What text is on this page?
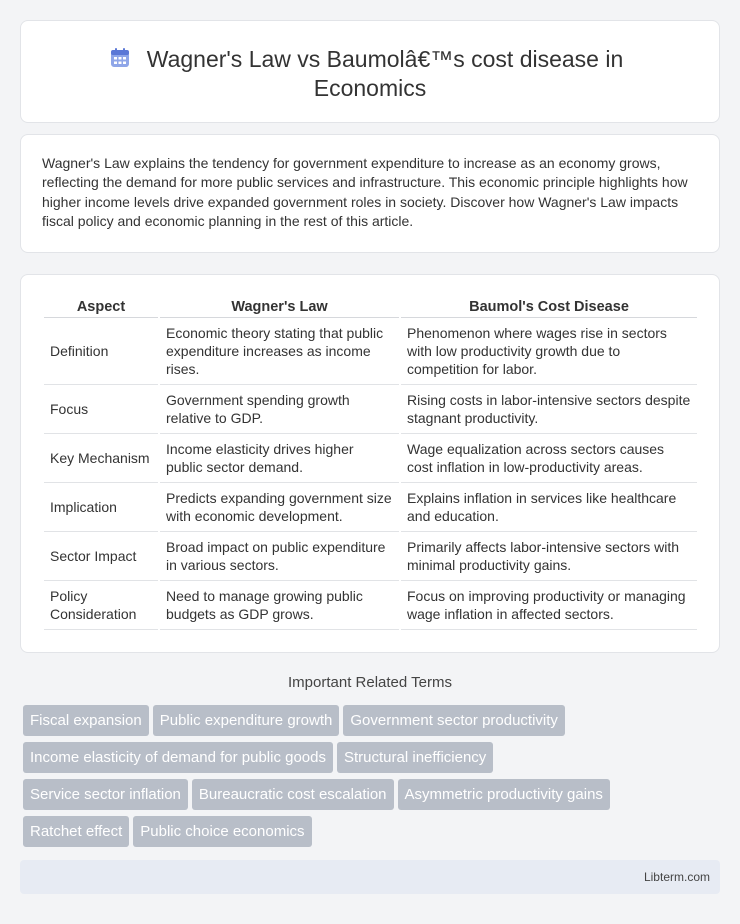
Wagner's Law vs Baumolâ€™s cost disease in
Economics

Wagner's Law explains the tendency for government expenditure to increase as an economy grows, reflecting the demand for more public services and infrastructure. This economic principle highlights how higher income levels drive expanded government roles in society. Discover how Wagner's Law impacts fiscal policy and economic planning in the rest of this article.

Aspect	Wagner's Law	Baumol's Cost Disease
Definition	Economic theory stating that public expenditure increases as income rises.	Phenomenon where wages rise in sectors with low productivity growth due to competition for labor.
Focus	Government spending growth relative to GDP.	Rising costs in labor-intensive sectors despite stagnant productivity.
Key Mechanism	Income elasticity drives higher public sector demand.	Wage equalization across sectors causes cost inflation in low-productivity areas.
Implication	Predicts expanding government size with economic development.	Explains inflation in services like healthcare and education.
Sector Impact	Broad impact on public expenditure in various sectors.	Primarily affects labor-intensive sectors with minimal productivity gains.
Policy Consideration	Need to manage growing public budgets as GDP grows.	Focus on improving productivity or managing wage inflation in affected sectors.
Important Related Terms
Fiscal expansion Public expenditure growth Government sector productivity
Income elasticity of demand for public goods Structural inefficiency
Service sector inflation Bureaucratic cost escalation Asymmetric productivity gains
Ratchet effect Public choice economics
Libterm.com
